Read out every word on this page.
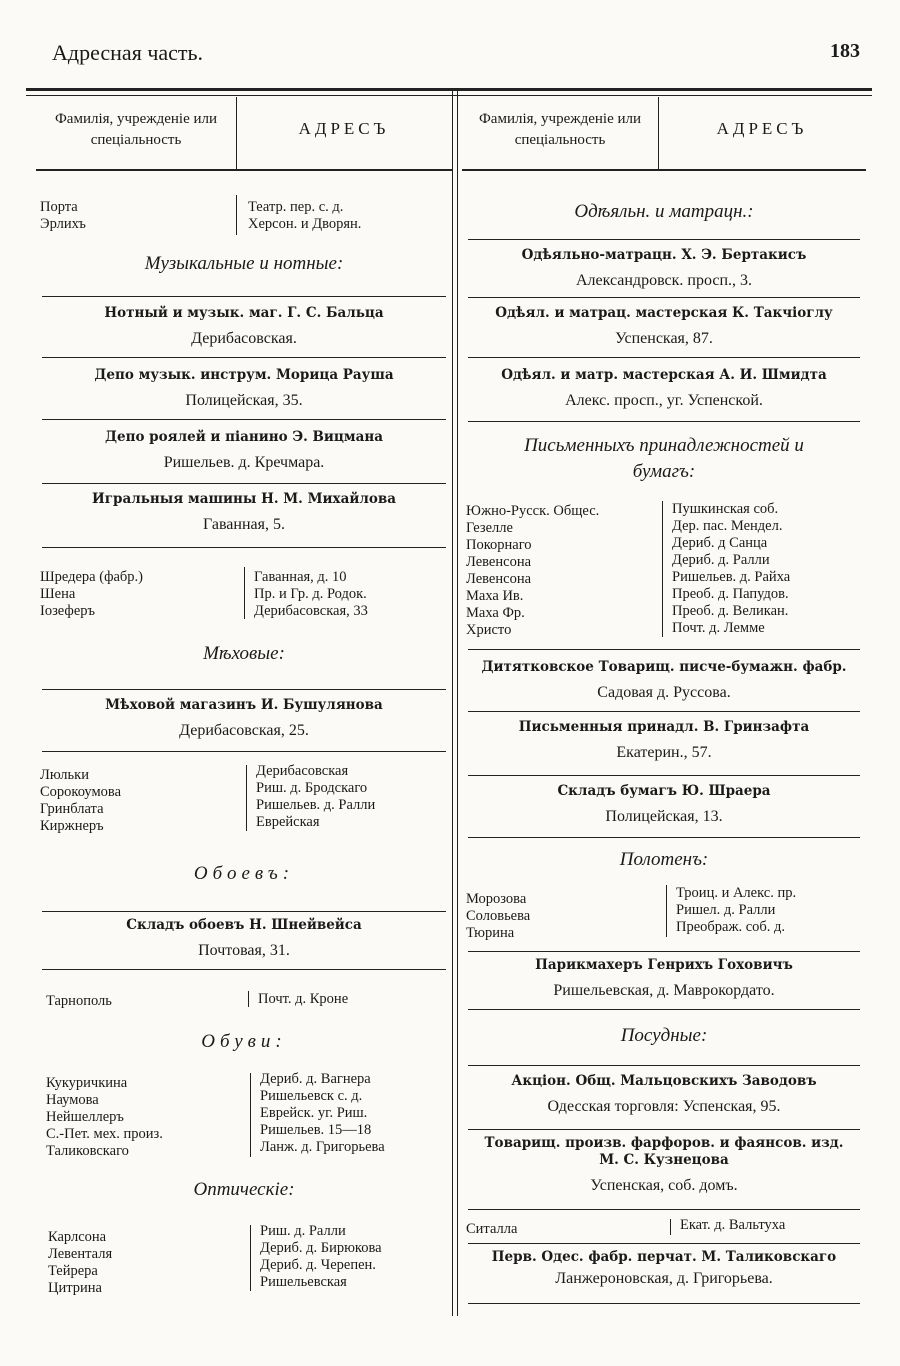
Адресная часть.	183
Фамилія, учрежденіе или спеціальность
АДРЕСЪ
Порта	Театр. пер. с. д.
Эрлихъ	Херсон. и Дворян.
Музыкальные и нотные:
Нотный и музык. маг. Г. С. Бальца
Дерибасовская.
Депо музык. инструм. Морица Рауша
Полицейская, 35.
Депо роялей и піанино Э. Вицмана
Ришельев. д. Кречмара.
Игральныя машины Н. М. Михайлова
Гаванная, 5.
Шредера (фабр.)	Гаванная, д. 10
Шена	Пр. и Гр. д. Родок.
Іозеферъ	Дерибасовская, 33
Мѣховые:
Мѣховой магазинъ И. Бушулянова
Дерибасовская, 25.
Люльки	Дерибасовская
Сорокоумова	Риш. д. Бродскаго
Гринблата	Ришельев. д. Ралли
Киржнеръ	Еврейская
Обоевъ:
Складъ обоевъ Н. Шнейвейса
Почтовая, 31.
Тарнополь	Почт. д. Кроне
Обуви:
Кукуричкина	Дериб. д. Вагнера
Наумова	Ришельевск с. д.
Нейшеллеръ	Еврейск. уг. Риш.
С.-Пет. мех. произ.	Ришельев. 15—18
Таликовскаго	Ланж. д. Григорьева
Оптическіе:
Карлсона	Риш. д. Ралли
Левенталя	Дериб. д. Бирюкова
Тейрера	Дериб. д. Черепен.
Цитрина	Ришельевская
Фамилія, учрежденіе или спеціальность
АДРЕСЪ
Одѣяльн. и матрацн.:
Одѣяльно-матрацн. Х. Э. Бертакисъ
Александровск. просп., 3.
Одѣял. и матрац. мастерская К. Такчіоглу
Успенская, 87.
Одѣял. и матр. мастерская А. И. Шмидта
Алекс. просп., уг. Успенской.
Письменныхъ принадлежностей и бумагъ:
Южно-Русск. Общес.	Пушкинская соб.
Гезелле	Дер. пас. Мендел.
Покорнаго	Дериб. д Санца
Левенсона	Дериб. д. Ралли
Левенсона	Ришельев. д. Райха
Маха Ив.	Преоб. д. Папудов.
Маха Фр.	Преоб. д. Великан.
Христо	Почт. д. Лемме
Дитятковское Товарищ. писче-бумажн. фабр.
Садовая д. Руссова.
Письменныя принадл. В. Гринзафта
Екатерин., 57.
Складъ бумагъ Ю. Шраера
Полицейская, 13.
Полотенъ:
Морозова	Троиц. и Алекс. пр.
Соловьева	Ришел. д. Ралли
Тюрина	Преображ. соб. д.
Парикмахеръ Генрихъ Гоховичъ
Ришельевская, д. Маврокордато.
Посудные:
Акціон. Общ. Мальцовскихъ Заводовъ
Одесская торговля: Успенская, 95.
Товарищ. произв. фарфоров. и фаянсов. изд.
М. С. Кузнецова
Успенская, соб. домъ.
Ситалла	Екат. д. Вальтуха
Перв. Одес. фабр. перчат. М. Таликовскаго
Ланжероновская, д. Григорьева.
